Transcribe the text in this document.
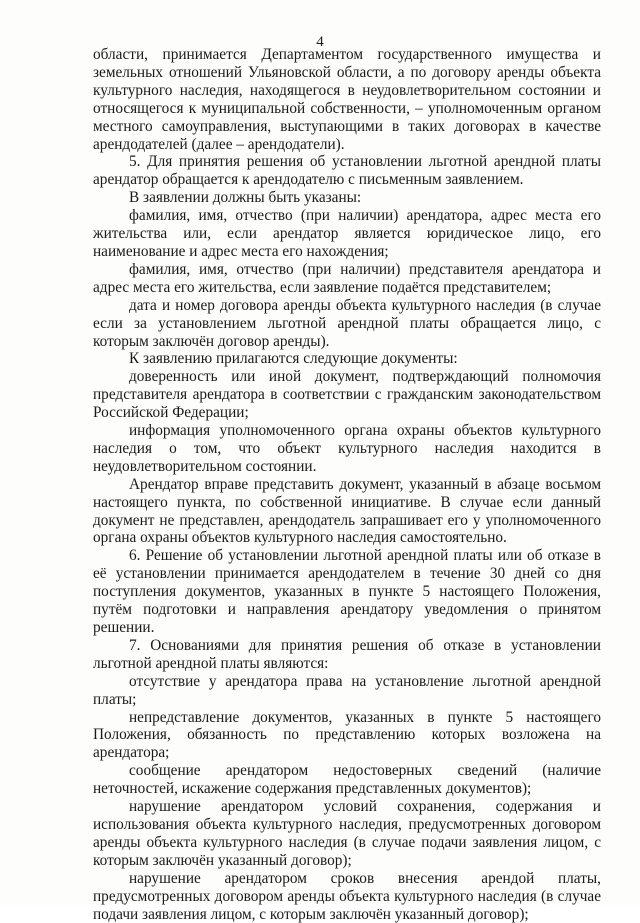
4

области, принимается Департаментом государственного имущества и земельных отношений Ульяновской области, а по договору аренды объекта культурного наследия, находящегося в неудовлетворительном состоянии и относящегося к муниципальной собственности, – уполномоченным органом местного самоуправления, выступающими в таких договорах в качестве арендодателей (далее – арендодатели).

5. Для принятия решения об установлении льготной арендной платы арендатор обращается к арендодателю с письменным заявлением.

В заявлении должны быть указаны:

фамилия, имя, отчество (при наличии) арендатора, адрес места его жительства или, если арендатор является юридическое лицо, его наименование и адрес места его нахождения;

фамилия, имя, отчество (при наличии) представителя арендатора и адрес места его жительства, если заявление подаётся представителем;

дата и номер договора аренды объекта культурного наследия (в случае если за установлением льготной арендной платы обращается лицо, с которым заключён договор аренды).

К заявлению прилагаются следующие документы:

доверенность или иной документ, подтверждающий полномочия представителя арендатора в соответствии с гражданским законодательством Российской Федерации;

информация уполномоченного органа охраны объектов культурного наследия о том, что объект культурного наследия находится в неудовлетворительном состоянии.

Арендатор вправе представить документ, указанный в абзаце восьмом настоящего пункта, по собственной инициативе. В случае если данный документ не представлен, арендодатель запрашивает его у уполномоченного органа охраны объектов культурного наследия самостоятельно.

6. Решение об установлении льготной арендной платы или об отказе в её установлении принимается арендодателем в течение 30 дней со дня поступления документов, указанных в пункте 5 настоящего Положения, путём подготовки и направления арендатору уведомления о принятом решении.

7. Основаниями для принятия решения об отказе в установлении льготной арендной платы являются:

отсутствие у арендатора права на установление льготной арендной платы;

непредставление документов, указанных в пункте 5 настоящего Положения, обязанность по представлению которых возложена на арендатора;

сообщение арендатором недостоверных сведений (наличие неточностей, искажение содержания представленных документов);

нарушение арендатором условий сохранения, содержания и использования объекта культурного наследия, предусмотренных договором аренды объекта культурного наследия (в случае подачи заявления лицом, с которым заключён указанный договор);

нарушение арендатором сроков внесения арендой платы, предусмотренных договором аренды объекта культурного наследия (в случае подачи заявления лицом, с которым заключён указанный договор);
